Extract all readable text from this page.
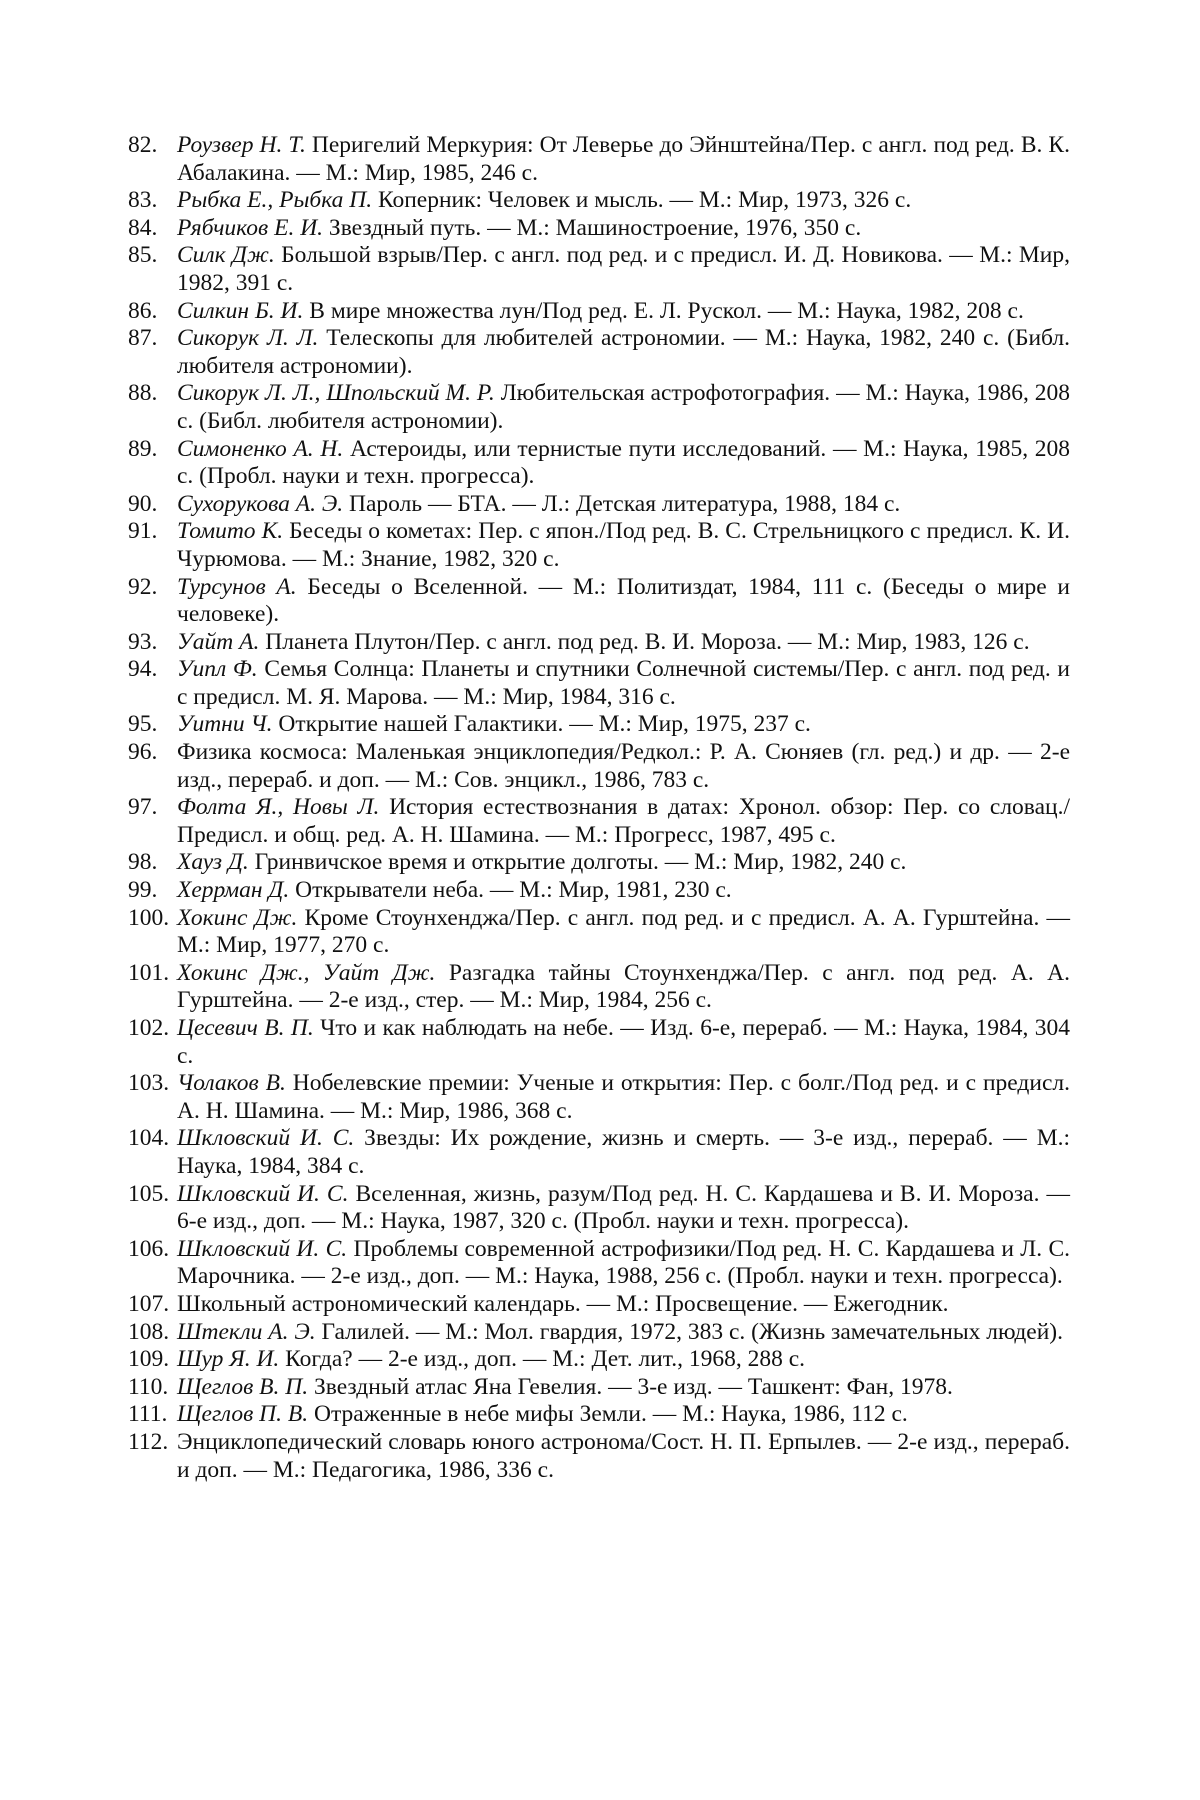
82. Роузвер Н. Т. Перигелий Меркурия: От Леверье до Эйнштейна/Пер. с англ. под ред. В. К. Абалакина. — М.: Мир, 1985, 246 с.

83. Рыбка Е., Рыбка П. Коперник: Человек и мысль. — М.: Мир, 1973, 326 с.

84. Рябчиков Е. И. Звездный путь. — М.: Машиностроение, 1976, 350 с.

85. Силк Дж. Большой взрыв/Пер. с англ. под ред. и с предисл. И. Д. Новикова. — М.: Мир, 1982, 391 с.

86. Силкин Б. И. В мире множества лун/Под ред. Е. Л. Рускол. — М.: Наука, 1982, 208 с.

87. Сикорук Л. Л. Телескопы для любителей астрономии. — М.: Наука, 1982, 240 с. (Библ. любителя астрономии).

88. Сикорук Л. Л., Шпольский М. Р. Любительская астрофотография. — М.: Наука, 1986, 208 с. (Библ. любителя астрономии).

89. Симоненко А. Н. Астероиды, или тернистые пути исследований. — М.: Наука, 1985, 208 с. (Пробл. науки и техн. прогресса).

90. Сухорукова А. Э. Пароль — БТА. — Л.: Детская литература, 1988, 184 с.

91. Томито К. Беседы о кометах: Пер. с япон./Под ред. В. С. Стрельницкого с предисл. К. И. Чурюмова. — М.: Знание, 1982, 320 с.

92. Турсунов А. Беседы о Вселенной. — М.: Политиздат, 1984, 111 с. (Беседы о мире и человеке).

93. Уайт А. Планета Плутон/Пер. с англ. под ред. В. И. Мороза. — М.: Мир, 1983, 126 с.

94. Уипл Ф. Семья Солнца: Планеты и спутники Солнечной системы/Пер. с англ. под ред. и с предисл. М. Я. Марова. — М.: Мир, 1984, 316 с.

95. Уитни Ч. Открытие нашей Галактики. — М.: Мир, 1975, 237 с.

96. Физика космоса: Маленькая энциклопедия/Редкол.: Р. А. Сюняев (гл. ред.) и др. — 2-е изд., перераб. и доп. — М.: Сов. энцикл., 1986, 783 с.

97. Фолта Я., Новы Л. История естествознания в датах: Хронол. обзор: Пер. со словац./Предисл. и общ. ред. А. Н. Шамина. — М.: Прогресс, 1987, 495 с.

98. Хауз Д. Гринвичское время и открытие долготы. — М.: Мир, 1982, 240 с.

99. Херрман Д. Открыватели неба. — М.: Мир, 1981, 230 с.

100. Хокинс Дж. Кроме Стоунхенджа/Пер. с англ. под ред. и с предисл. А. А. Гурштейна. — М.: Мир, 1977, 270 с.

101. Хокинс Дж., Уайт Дж. Разгадка тайны Стоунхенджа/Пер. с англ. под ред. А. А. Гурштейна. — 2-е изд., стер. — М.: Мир, 1984, 256 с.

102. Цесевич В. П. Что и как наблюдать на небе. — Изд. 6-е, перераб. — М.: Наука, 1984, 304 с.

103. Чолаков В. Нобелевские премии: Ученые и открытия: Пер. с болг./Под ред. и с предисл. А. Н. Шамина. — М.: Мир, 1986, 368 с.

104. Шкловский И. С. Звезды: Их рождение, жизнь и смерть. — 3-е изд., перераб. — М.: Наука, 1984, 384 с.

105. Шкловский И. С. Вселенная, жизнь, разум/Под ред. Н. С. Кардашева и В. И. Мороза. — 6-е изд., доп. — М.: Наука, 1987, 320 с. (Пробл. науки и техн. прогресса).

106. Шкловский И. С. Проблемы современной астрофизики/Под ред. Н. С. Кардашева и Л. С. Марочника. — 2-е изд., доп. — М.: Наука, 1988, 256 с. (Пробл. науки и техн. прогресса).

107. Школьный астрономический календарь. — М.: Просвещение. — Ежегодник.

108. Штекли А. Э. Галилей. — М.: Мол. гвардия, 1972, 383 с. (Жизнь замечательных людей).

109. Шур Я. И. Когда? — 2-е изд., доп. — М.: Дет. лит., 1968, 288 с.

110. Щеглов В. П. Звездный атлас Яна Гевелия. — 3-е изд. — Ташкент: Фан, 1978.

111. Щеглов П. В. Отраженные в небе мифы Земли. — М.: Наука, 1986, 112 с.

112. Энциклопедический словарь юного астронома/Сост. Н. П. Ерпылев. — 2-е изд., перераб. и доп. — М.: Педагогика, 1986, 336 с.
